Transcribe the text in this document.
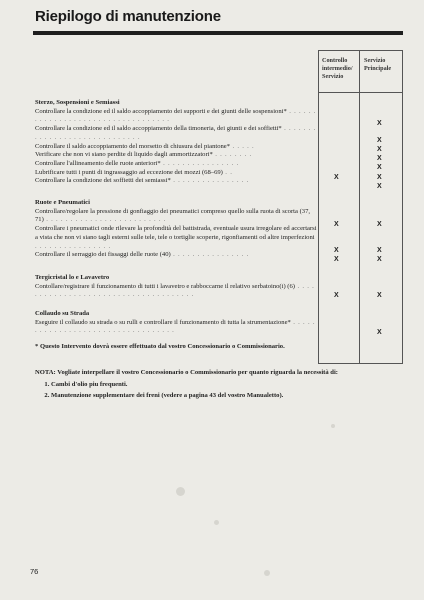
Riepilogo di manutenzione
Controllo intermedio/ Servizio
Servizio Principale

Sterzo, Sospensioni e Semiassi

Controllare la condizione ed il saldo accoppiamento dei supporti e dei giunti delle sospensioni* . . . . . . . . . . . . . . . . . . . . . . . . . . . . . . . . . .

Controllare la condizione ed il saldo accoppiamento della timoneria, dei giunti e dei soffietti* . . . . . . . . . . . . . . . . . . . . . . . . . . . . .

Controllare il saldo accoppiamento del morsetto di chiusura del piantone* . . . . .

Verificare che non vi siano perdite di liquido dagli ammortizzatori* . . . . . . . .

Controllare l'allineamento delle ruote anteriori* . . . . . . . . . . . . . . . .

Lubrificare tutti i punti di ingrassaggio ad eccezione dei mozzi (68–69) . .

Controllare la condizione dei soffietti dei semiassi* . . . . . . . . . . . . . . . .

Ruote e Pneumatici

Controllare/regolare la pressione di gonfiaggio dei pneumatici compreso quello sulla ruota di scorta (37, 71) . . . . . . . . . . . . . . . . . . . . . . . . .

Controllare i pneumatici onde rilevare la profondità del battistrada, eventuale usura irregolare ed accertarsi a vista che non vi siano tagli esterni sulle tele, tele o tortiglie scoperte, rigonfiamenti od altre imperfezioni . . . . . . . . . . . . . . . .

Controllare il serraggio dei fissaggi delle ruote (40) . . . . . . . . . . . . . . . .

Tergicristal lo e Lavavetro

Contollare/registrare il funzionamento di tutti i lavavetro e rabboccarne il relativo serbatoino(i) (6) . . . . . . . . . . . . . . . . . . . . . . . . . . . . . . . . . . . . .

Collaudo su Strada

Eseguire il collaudo su strada o su rulli e controllare il funzionamento di tutta la strumentazione* . . . . . . . . . . . . . . . . . . . . . . . . . . . . . . . . . .

X
X
X
X
X
X
X
X
X
X
X
X
X
X
X
X
X
* Questo Intervento dovrà essere effettuato dal vostro Concessionario o Commissionario.
NOTA: Vogliate interpellare il vostro Concessionario o Commissionario per quanto riguarda la necessità di:
1. Cambi d'olio piu frequenti.
2. Manutenzione supplementare dei freni (vedere a pagina 43 del vostro Manualetto).
76
